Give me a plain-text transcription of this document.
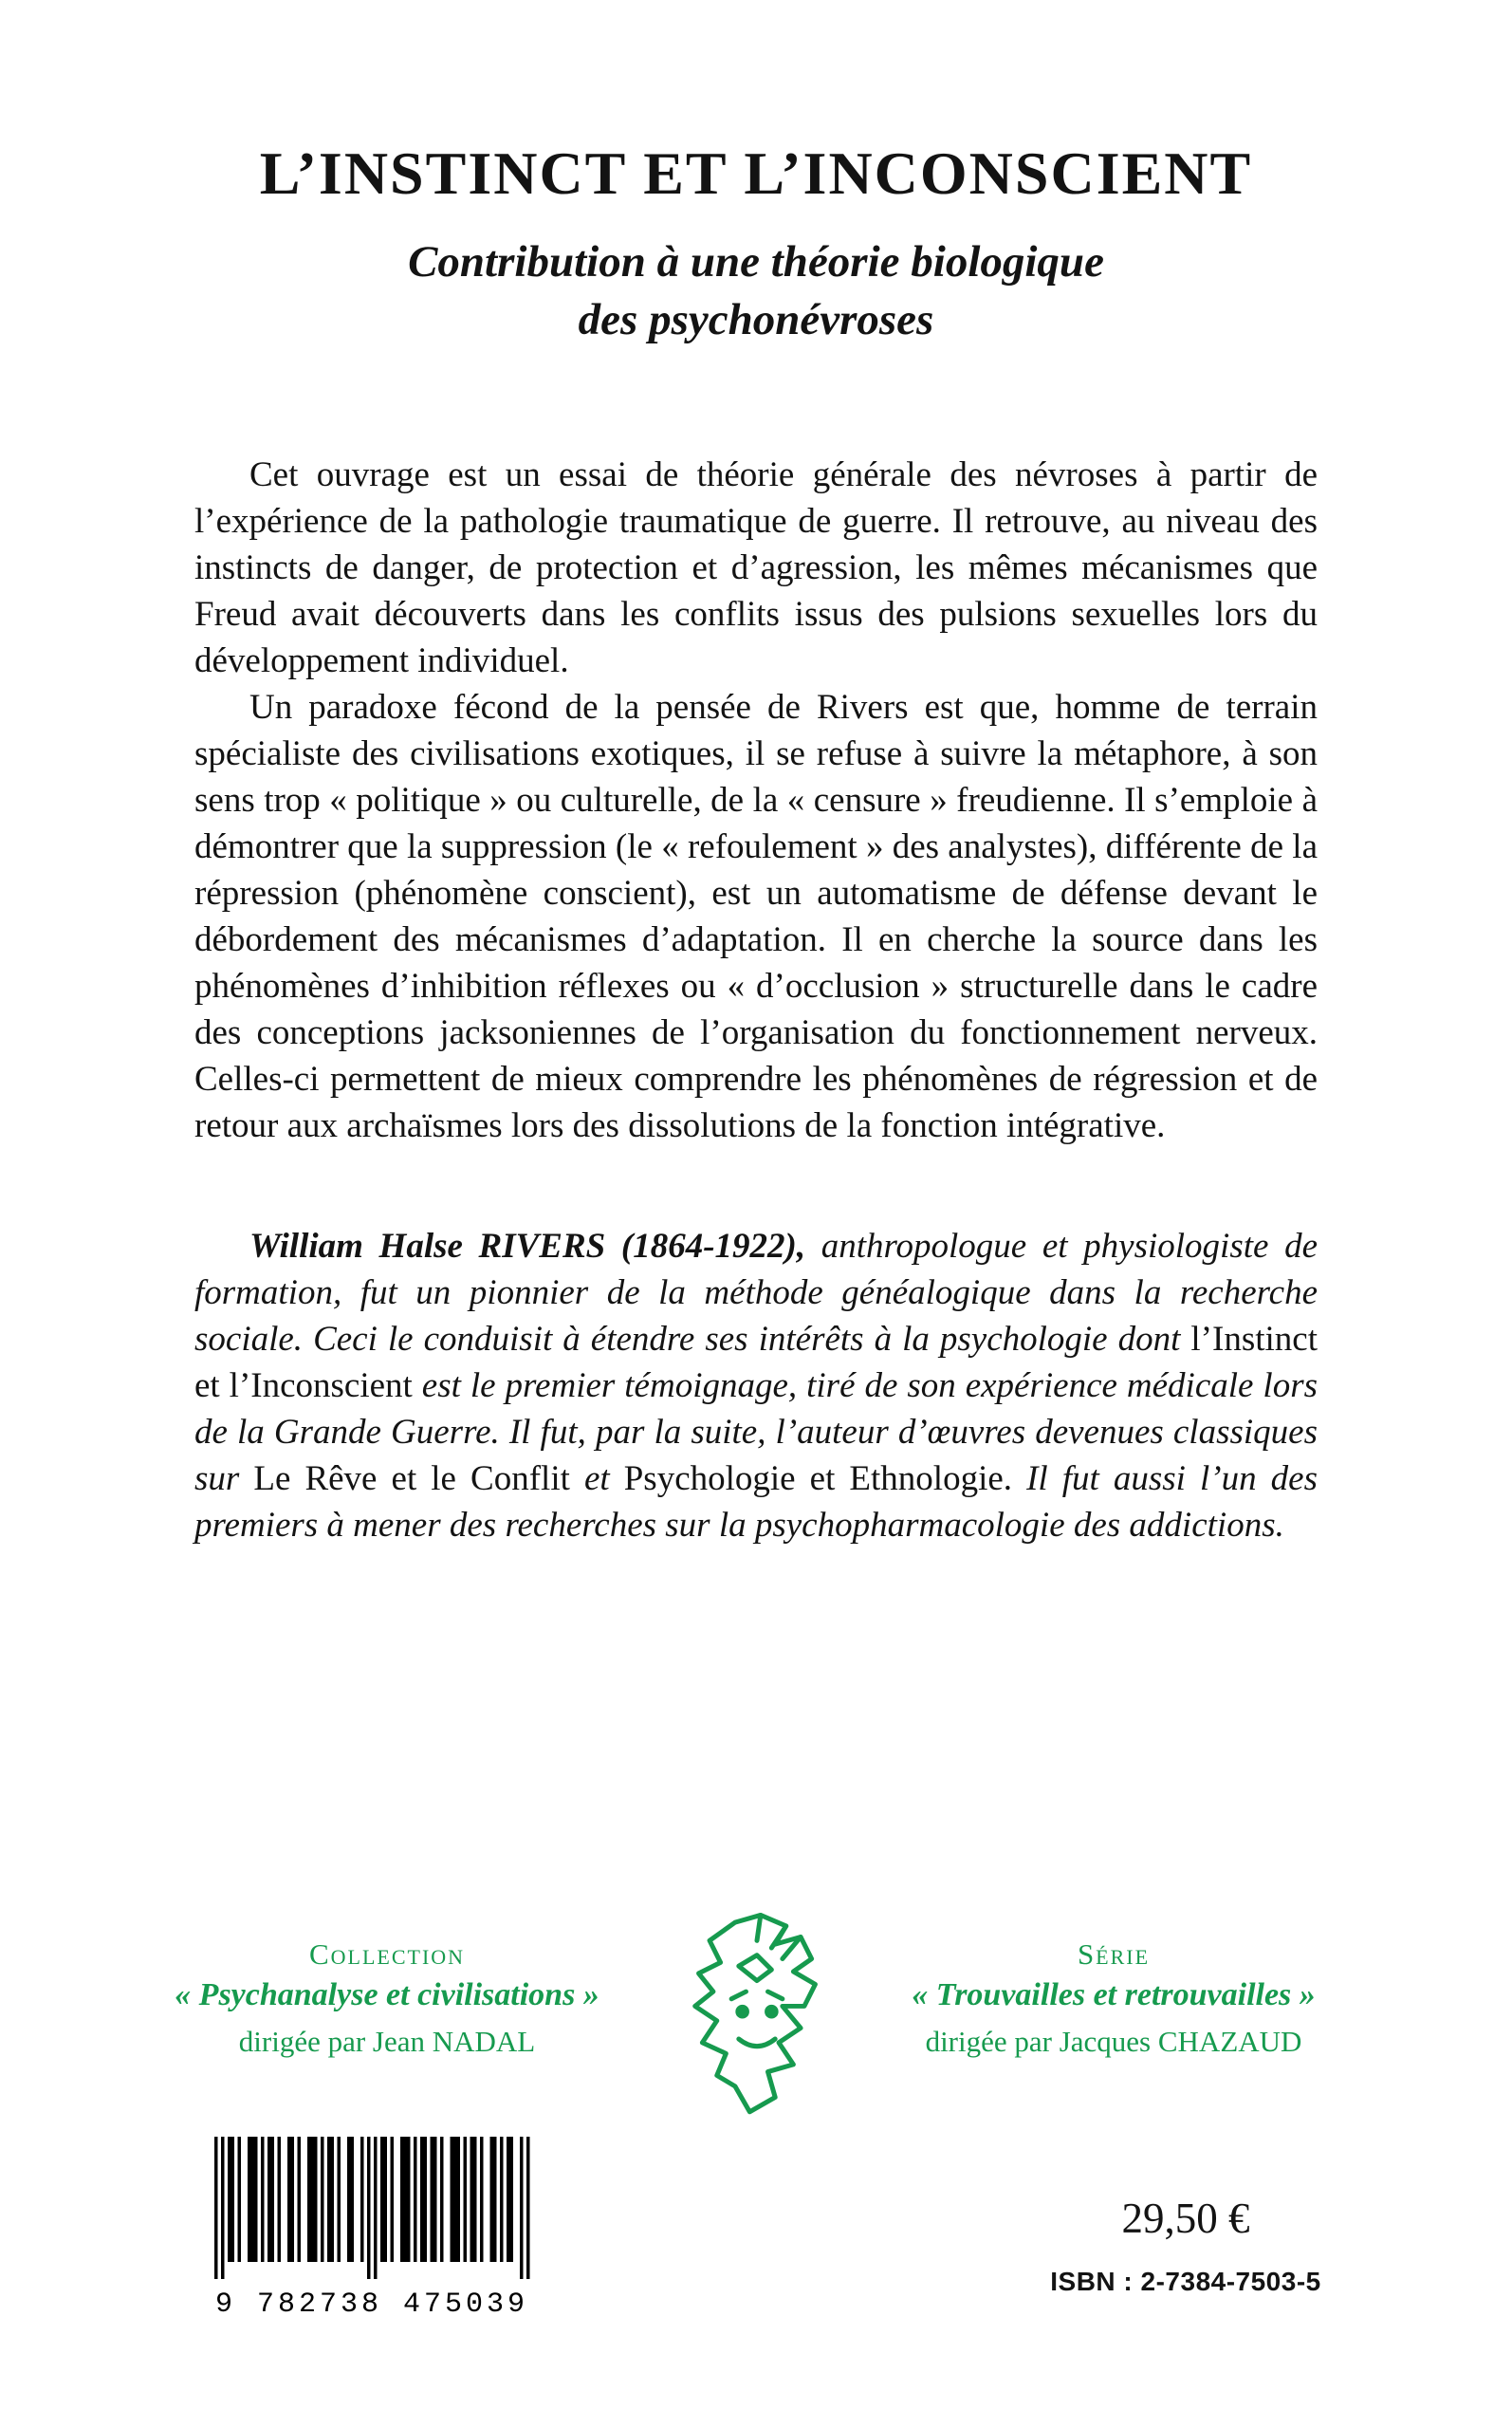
L’INSTINCT ET L’INCONSCIENT
Contribution à une théorie biologique
des psychonévroses

Cet ouvrage est un essai de théorie générale des névroses à partir de l’expérience de la pathologie traumatique de guerre. Il retrouve, au niveau des instincts de danger, de protection et d’agression, les mêmes mécanismes que Freud avait découverts dans les conflits issus des pulsions sexuelles lors du développement individuel.

Un paradoxe fécond de la pensée de Rivers est que, homme de terrain spécialiste des civilisations exotiques, il se refuse à suivre la métaphore, à son sens trop « politique » ou culturelle, de la « censure » freudienne. Il s’emploie à démontrer que la suppression (le « refoulement » des analystes), différente de la répression (phénomène conscient), est un automatisme de défense devant le débordement des mécanismes d’adaptation. Il en cherche la source dans les phénomènes d’inhibition réflexes ou « d’occlusion » structurelle dans le cadre des conceptions jacksoniennes de l’organisation du fonctionnement nerveux. Celles-ci permettent de mieux comprendre les phénomènes de régression et de retour aux archaïsmes lors des dissolutions de la fonction intégrative.

William Halse RIVERS (1864-1922), anthropologue et physiologiste de formation, fut un pionnier de la méthode généalogique dans la recherche sociale. Ceci le conduisit à étendre ses intérêts à la psychologie dont l’Instinct et l’Inconscient est le premier témoignage, tiré de son expérience médicale lors de la Grande Guerre. Il fut, par la suite, l’auteur d’œuvres devenues classiques sur Le Rêve et le Conflit et Psychologie et Ethnologie. Il fut aussi l’un des premiers à mener des recherches sur la psychopharmacologie des addictions.

Collection
« Psychanalyse et civilisations »
dirigée par Jean NADAL
Série
« Trouvailles et retrouvailles »
dirigée par Jacques CHAZAUD
9 782738 475039
29,50 €
ISBN : 2-7384-7503-5
